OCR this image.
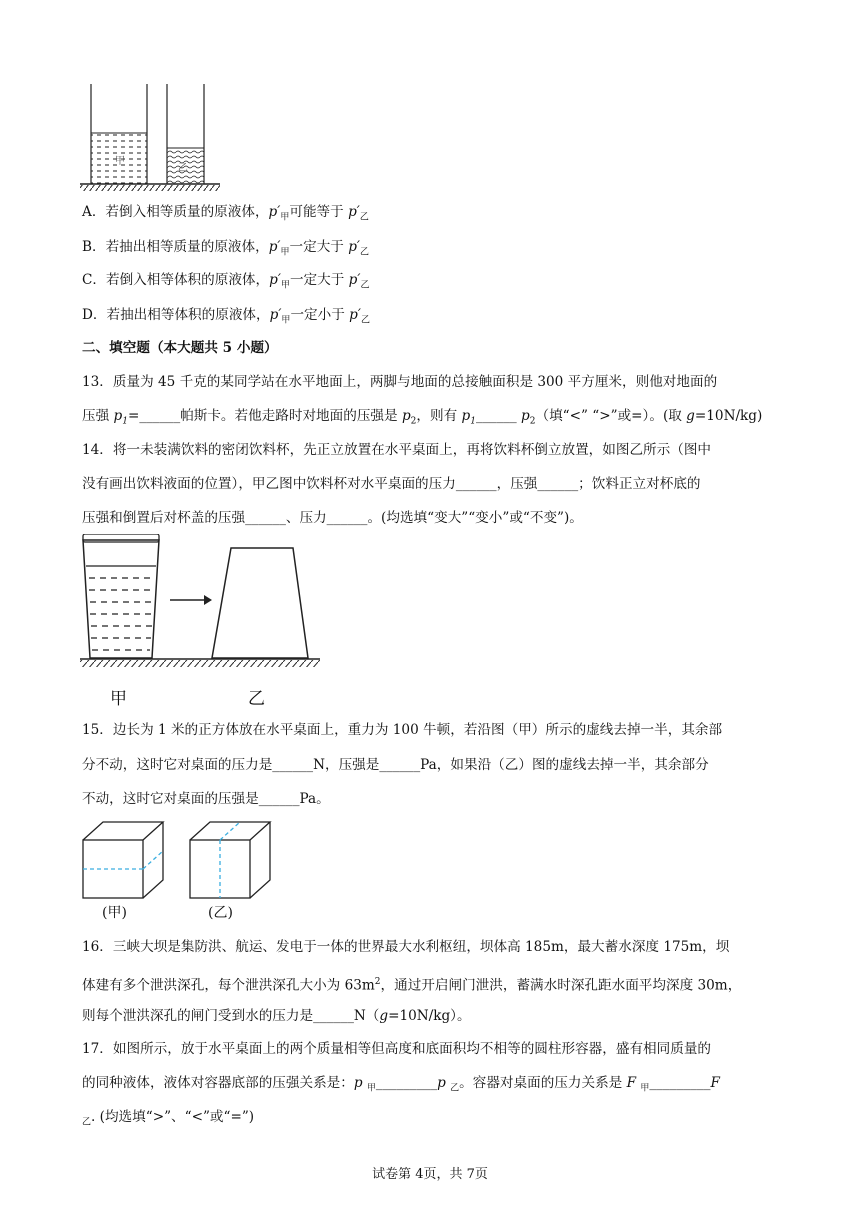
甲
乙
A．若倒入相等质量的原液体，$p'_甲$可能等于 $p'_乙$
B．若抽出相等质量的原液体，$p'_甲$一定大于 $p'_乙$
C．若倒入相等体积的原液体，$p'_甲$一定大于 $p'_乙$
D．若抽出相等体积的原液体，$p'_甲$一定小于 $p'_乙$
二、填空题（本大题共 5 小题）
13．质量为 45 千克的某同学站在水平地面上，两脚与地面的总接触面积是 300 平方厘米，则他对地面的
压强 $p_1=\_\_\_\_\_\_$帕斯卡。若他走路时对地面的压强是 $p_2$，则有 $p_1\_\_\_\_\_\_$ $p_2$（填“<” “>”或=）。(取 g=10N/kg)
14．将一未装满饮料的密闭饮料杯，先正立放置在水平桌面上，再将饮料杯倒立放置，如图乙所示（图中
没有画出饮料液面的位置），甲乙图中饮料杯对水平桌面的压力______，压强______；饮料正立对杯底的
压强和倒置后对杯盖的压强______、压力______。(均选填“变大”“变小”或“不变”)。
甲	乙
15．边长为 1 米的正方体放在水平桌面上，重力为 100 牛顿，若沿图（甲）所示的虚线去掉一半，其余部
分不动，这时它对桌面的压力是______N，压强是______Pa，如果沿（乙）图的虚线去掉一半，其余部分
不动，这时它对桌面的压强是______Pa。
(甲)	(乙)
16．三峡大坝是集防洪、航运、发电于一体的世界最大水利枢纽，坝体高 185m，最大蓄水深度 175m，坝
体建有多个泄洪深孔，每个泄洪深孔大小为 $63m^2$，通过开启闸门泄洪，蓄满水时深孔距水面平均深度 30m，
则每个泄洪深孔的闸门受到水的压力是______N（g=10N/kg）。
17．如图所示，放于水平桌面上的两个质量相等但高度和底面积均不相等的圆柱形容器，盛有相同质量的
的同种液体，液体对容器底部的压强关系是：p $_甲$_________p $_乙$。容器对桌面的压力关系是 F $_甲$_________F
$_乙$. (均选填“>”、“<”或“=”)
试卷第 4页，共 7页
